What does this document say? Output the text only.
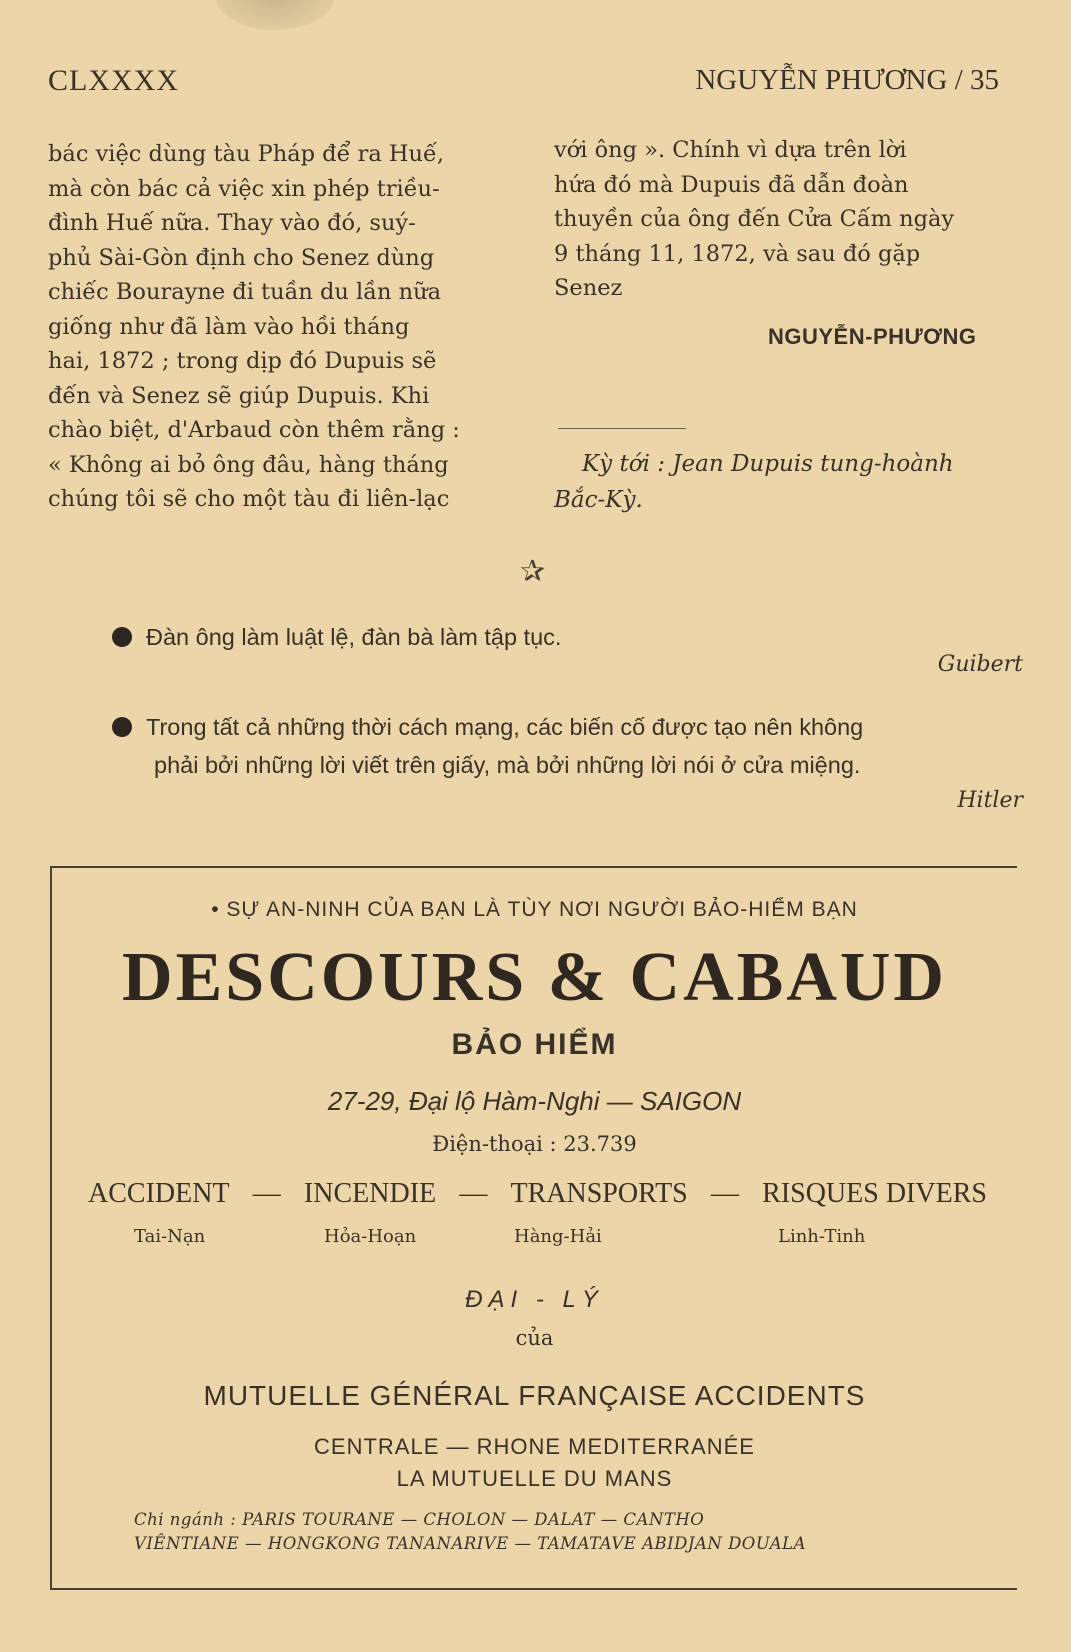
CLXXXX	NGUYỄN PHƯƠNG / 35
bác việc dùng tàu Pháp để ra Huế,
mà còn bác cả việc xin phép triều-
đình Huế nữa. Thay vào đó, suý-
phủ Sài-Gòn định cho Senez dùng
chiếc Bourayne đi tuần du lần nữa
giống như đã làm vào hồi tháng
hai, 1872 ; trong dịp đó Dupuis sẽ
đến và Senez sẽ giúp Dupuis. Khi
chào biệt, d'Arbaud còn thêm rằng :
« Không ai bỏ ông đâu, hàng tháng
chúng tôi sẽ cho một tàu đi liên-lạc
với ông ». Chính vì dựa trên lời
hứa đó mà Dupuis đã dẫn đoàn
thuyền của ông đến Cửa Cấm ngày
9 tháng 11, 1872, và sau đó gặp
Senez
NGUYỄN-PHƯƠNG
Kỳ tới : Jean Dupuis tung-hoành
Bắc-Kỳ.
✰
Đàn ông làm luật lệ, đàn bà làm tập tục.
Guibert
Trong tất cả những thời cách mạng, các biến cố được tạo nên không
phải bởi những lời viết trên giấy, mà bởi những lời nói ở cửa miệng.
Hitler
• SỰ AN-NINH CỦA BẠN LÀ TÙY NƠI NGƯỜI BẢO-HIỂM BẠN
DESCOURS & CABAUD
BẢO HIỂM
27-29, Đại lộ Hàm-Nghi — SAIGON
Điện-thoại : 23.739
ACCIDENT — INCENDIE — TRANSPORTS — RISQUES DIVERS
Tai-Nạn	Hỏa-Hoạn	Hàng-Hải	Linh-Tinh
ĐẠI - LÝ
của
MUTUELLE GÉNÉRAL FRANÇAISE ACCIDENTS
CENTRALE — RHONE MEDITERRANÉE
LA MUTUELLE DU MANS
Chi ngánh : PARIS TOURANE — CHOLON — DALAT — CANTHO
VIÊNTIANE — HONGKONG TANANARIVE — TAMATAVE ABIDJAN DOUALA
